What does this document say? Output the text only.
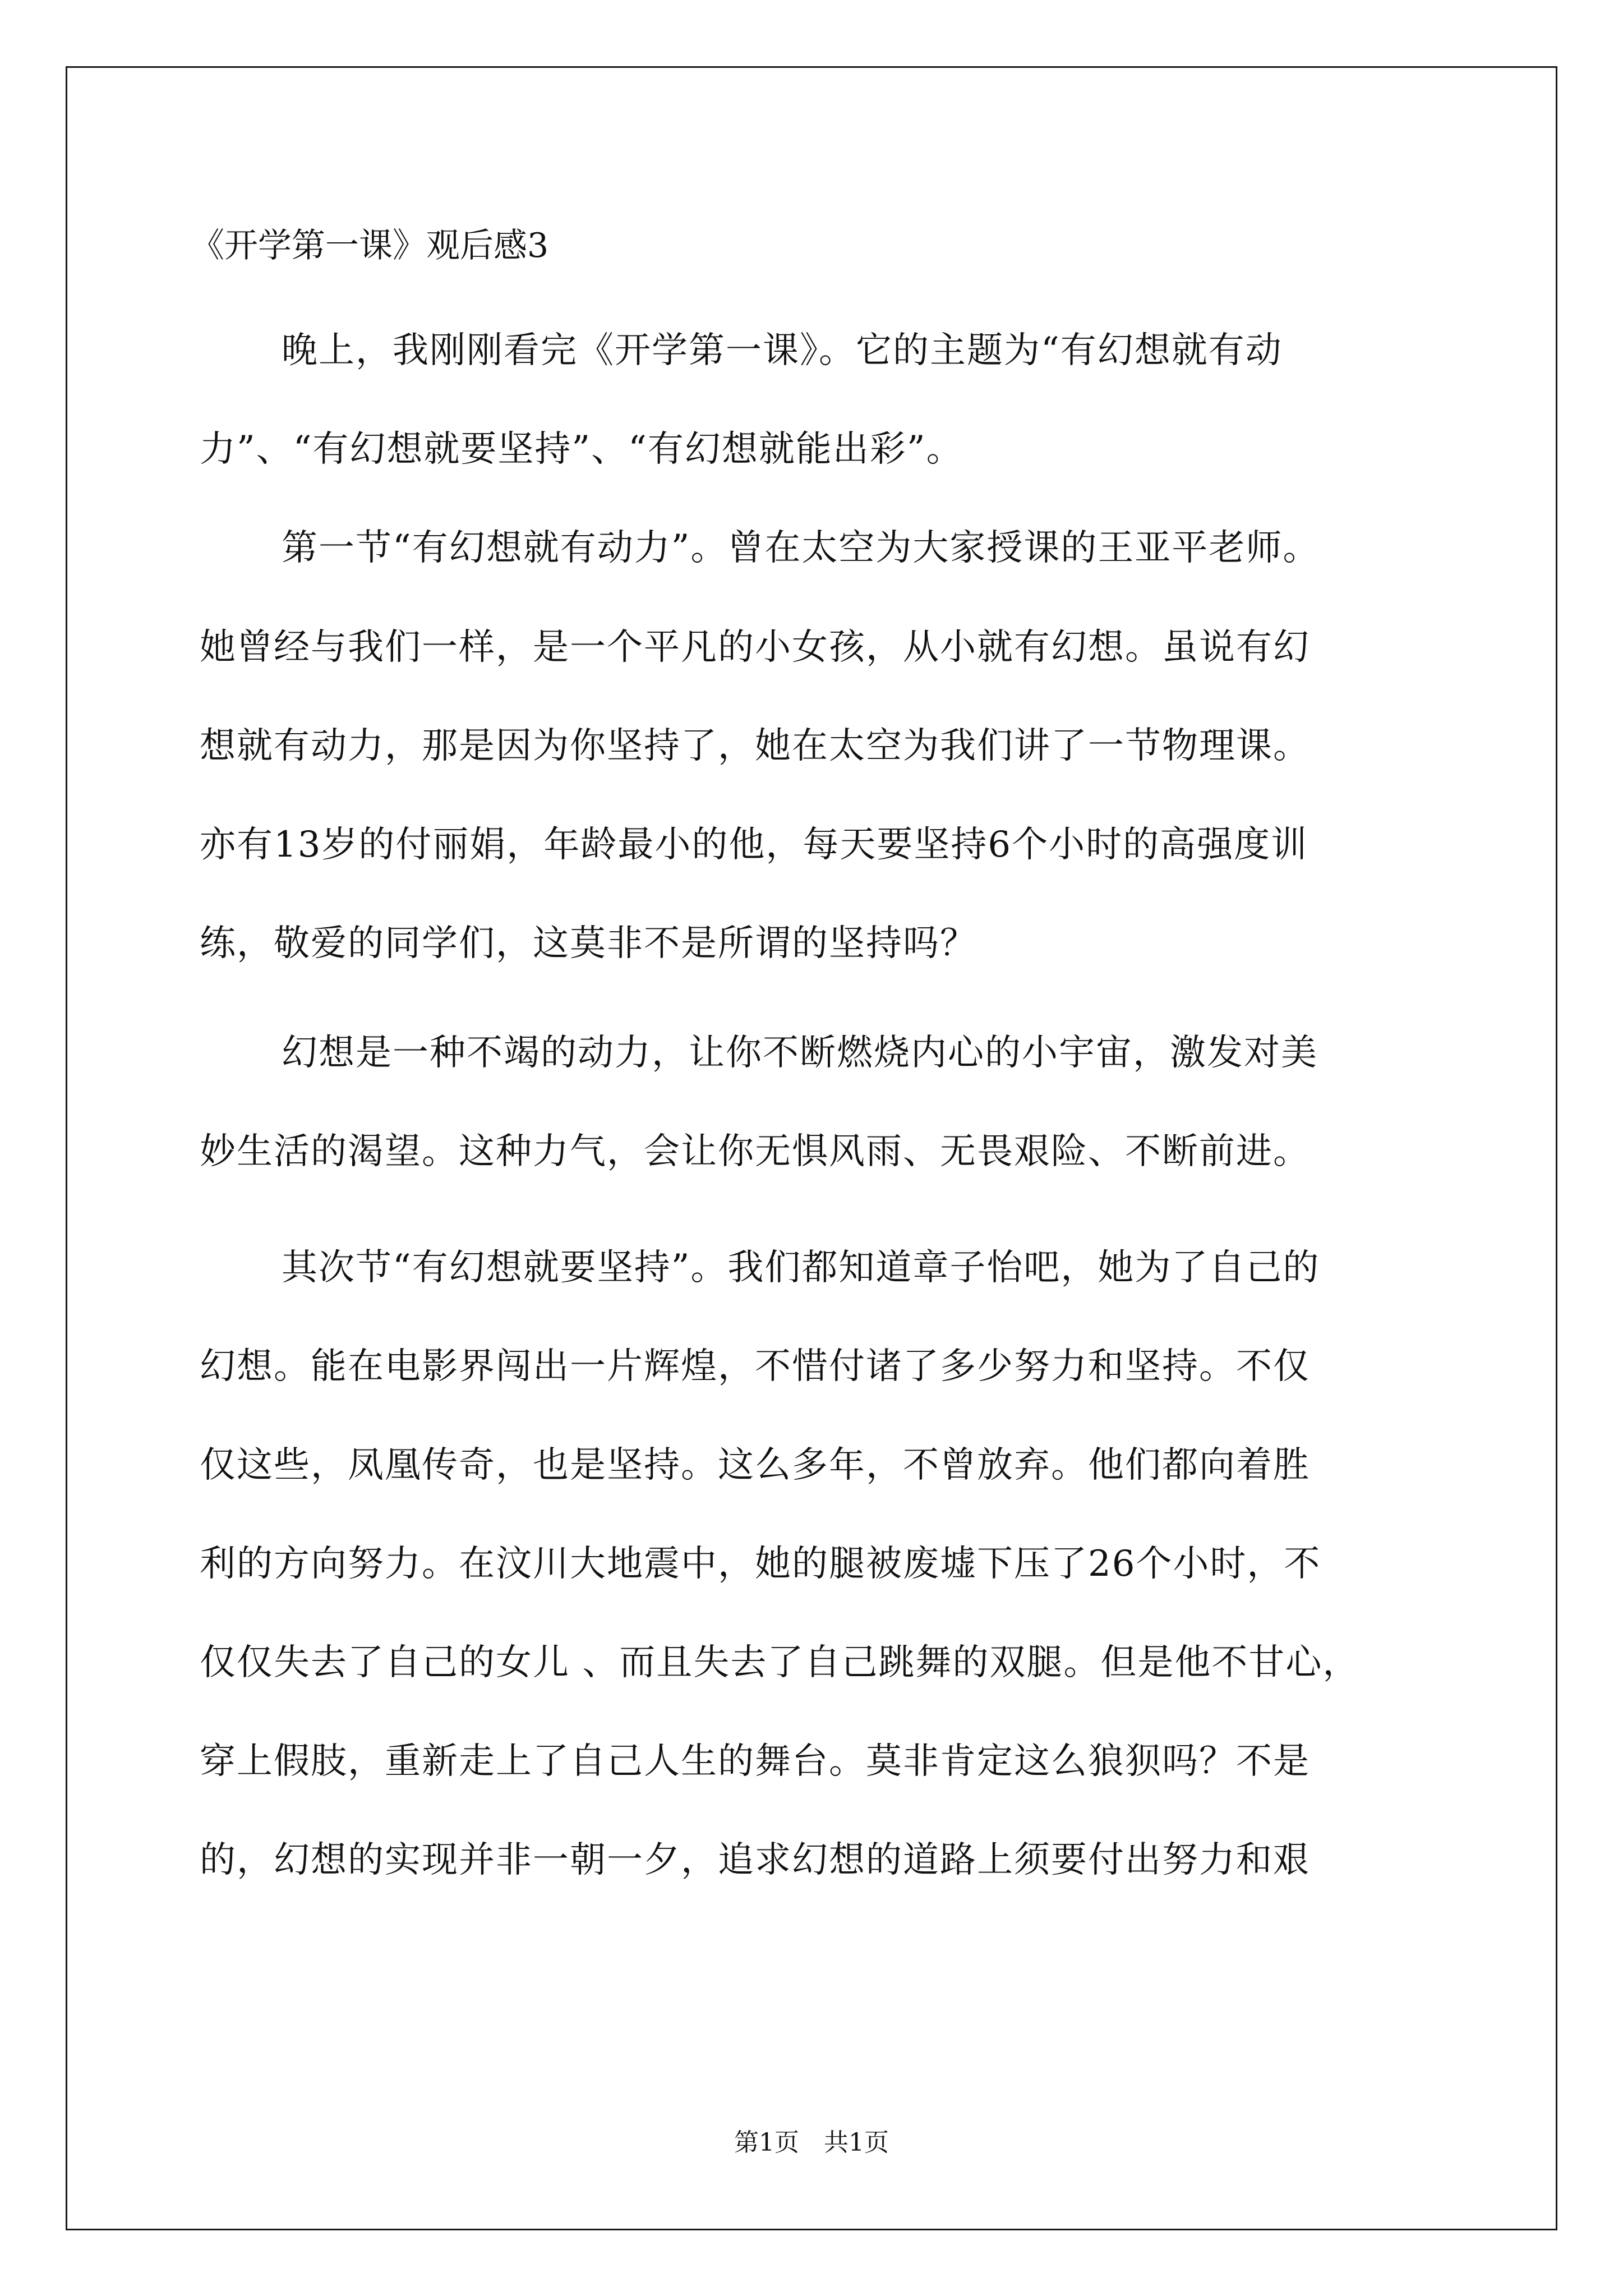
《开学第一课》观后感3
晚上，我刚刚看完《开学第一课》。它的主题为“有幻想就有动
力”、“有幻想就要坚持”、“有幻想就能出彩”。
第一节“有幻想就有动力”。曾在太空为大家授课的王亚平老师。
她曾经与我们一样，是一个平凡的小女孩，从小就有幻想。虽说有幻
想就有动力，那是因为你坚持了，她在太空为我们讲了一节物理课。
亦有13岁的付丽娟，年龄最小的他，每天要坚持6个小时的高强度训
练，敬爱的同学们，这莫非不是所谓的坚持吗？
幻想是一种不竭的动力，让你不断燃烧内心的小宇宙，激发对美
妙生活的渴望。这种力气，会让你无惧风雨、无畏艰险、不断前进。
其次节“有幻想就要坚持”。我们都知道章子怡吧，她为了自己的
幻想。能在电影界闯出一片辉煌，不惜付诸了多少努力和坚持。不仅
仅这些，凤凰传奇，也是坚持。这么多年，不曾放弃。他们都向着胜
利的方向努力。在汶川大地震中，她的腿被废墟下压了26个小时，不
仅仅失去了自己的女儿 、而且失去了自己跳舞的双腿。但是他不甘心，
穿上假肢，重新走上了自己人生的舞台。莫非肯定这么狼狈吗？不是
的，幻想的实现并非一朝一夕，追求幻想的道路上须要付出努力和艰
第1页　共1页
